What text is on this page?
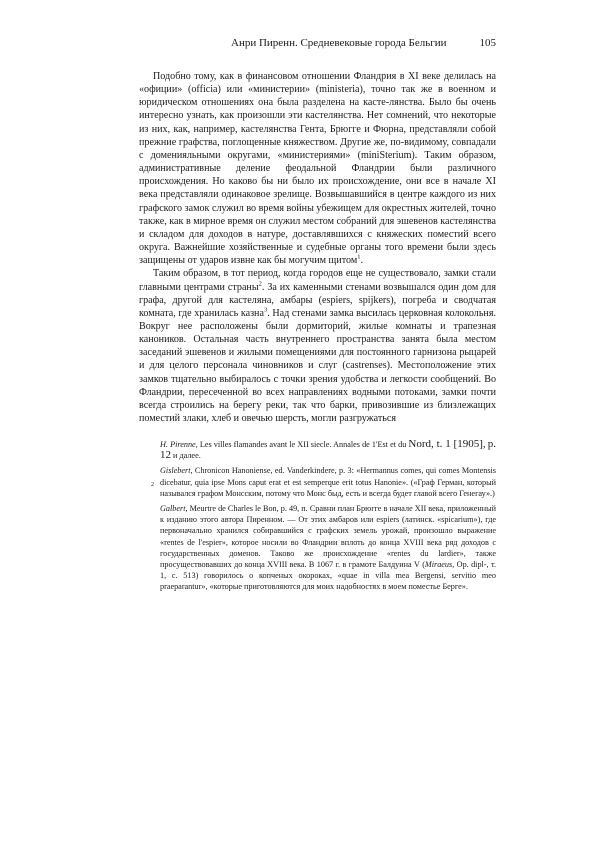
Анри Пиренн. Средневековые города Бельгии	105

Подобно тому, как в финансовом отношении Фландрия в XI веке делилась на «официи» (officia) или «министерии» (ministeria), точно так же в военном и юридическом отношениях она была разделена на касте-лянства. Было бы очень интересно узнать, как произошли эти кастелянства. Нет сомнений, что некоторые из них, как, например, кастелянства Гента, Брюгге и Фюрна, представляли собой прежние графства, поглощенные княжеством. Другие же, по-видимому, совпадали с доменияльными округами, «министериями» (miniSterium). Таким образом, административные деление феодальной Фландрии были различного происхождения. Но каково бы ни было их происхождение, они все в начале XI века представляли одинаковое зрелище. Возвышавшийся в центре каждого из них графского замок служил во время войны убежищем для окрестных жителей, точно также, как в мирное время он служил местом собраний для эшевенов кастелянства и складом для доходов в натуре, доставлявшихся с княжеских поместий всего округа. Важнейшие хозяйственные и судебные органы того времени были здесь защищены от ударов извне как бы могучим щитом$^1$.

Таким образом, в тот период, когда городов еще не существовало, замки стали главными центрами страны$^2$. За их каменными стенами возвышался один дом для графа, другой для кастеляна, амбары (espiers, spijkers), погреба и сводчатая комната, где хранилась казна$^3$. Над стенами замка высилась церковная колокольня. Вокруг нее расположены были дормиторий, жилые комнаты и трапезная каноников. Остальная часть внутреннего пространства занята была местом заседаний эшевенов и жилыми помещениями для постоянного гарнизона рыцарей и для целого персонала чиновников и слуг (castrenses). Местоположение этих замков тщательно выбиралось с точки зрения удобства и легкости сообщений. Во Фландрии, пересеченной во всех направлениях водными потоками, замки почти всегда строились на берегу реки, так что барки, привозившие из близлежащих поместий злаки, хлеб и овечью шерсть, могли разгружаться

H. Pirenne, Les villes flamandes avant le XII siecle. Annales de 1'Est et du Nord, t. 1 [1905], p. 12 и далее.

2
Gislebert, Chronicon Hanoniense, ed. Vanderkindere, p. 3: «Hermannus comes, qui comes Montensis dicebatur, quia ipse Mons caput erat et est semperque erit totus Hanonie». («Граф Герман, который назывался графом Монсским, потому что Монс быд, есть и всегда будет главой всего Генегау».)

Galbert, Meurtre de Charles le Bon, p. 49, п. Сравни план Брюгге в начале XII века, приложенный к изданию этого автора Пиренном. — От этих амбаров или espiers (латинск. «spicarium»), где первоначально хранился собиравшийся с графских земель урожай, произошло выражение «rentes de l'espier», которое носили во Фландрии вплоть до конца XVIII века ряд доходов с государственных доменов. Таково же происхождение «rentes du lardier», также просуществовавших до конца XVIII века. В 1067 г. в грамоте Балдуина V (Miraeus, Op. dipl-, т. 1, с. 513) говорилось о копченых окороках, «quae in villa mea Bergensi, servitio meo praeparantur», «которые приготовляются для моих надобностях в моем поместье Берге».
